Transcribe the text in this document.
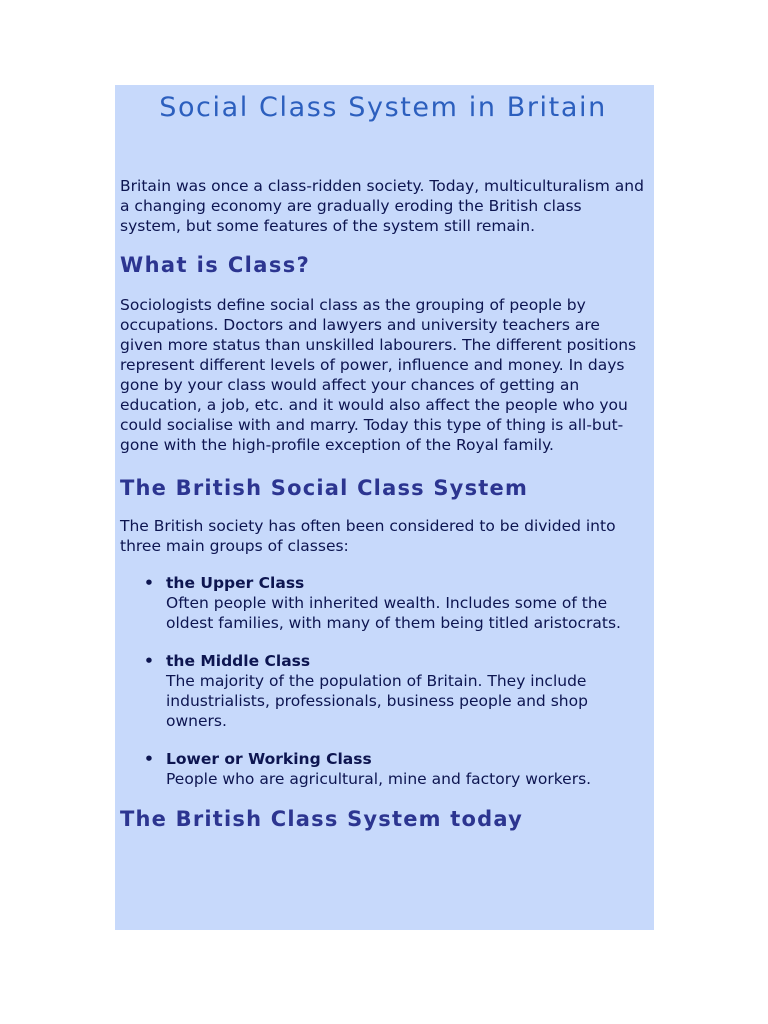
Social Class System in Britain

Britain was once a class-ridden society. Today, multiculturalism and a changing economy are gradually eroding the British class system, but some features of the system still remain.

What is Class?

Sociologists define social class as the grouping of people by occupations. Doctors and lawyers and university teachers are given more status than unskilled labourers. The different positions represent different levels of power, influence and money. In days gone by your class would affect your chances of getting an education, a job, etc. and it would also affect the people who you could socialise with and marry. Today this type of thing is all-but-gone with the high-profile exception of the Royal family.

The British Social Class System

The British society has often been considered to be divided into three main groups of classes:

• the Upper Class
Often people with inherited wealth. Includes some of the oldest families, with many of them being titled aristocrats.
• the Middle Class
The majority of the population of Britain. They include industrialists, professionals, business people and shop owners.
• Lower or Working Class
People who are agricultural, mine and factory workers.
The British Class System today
